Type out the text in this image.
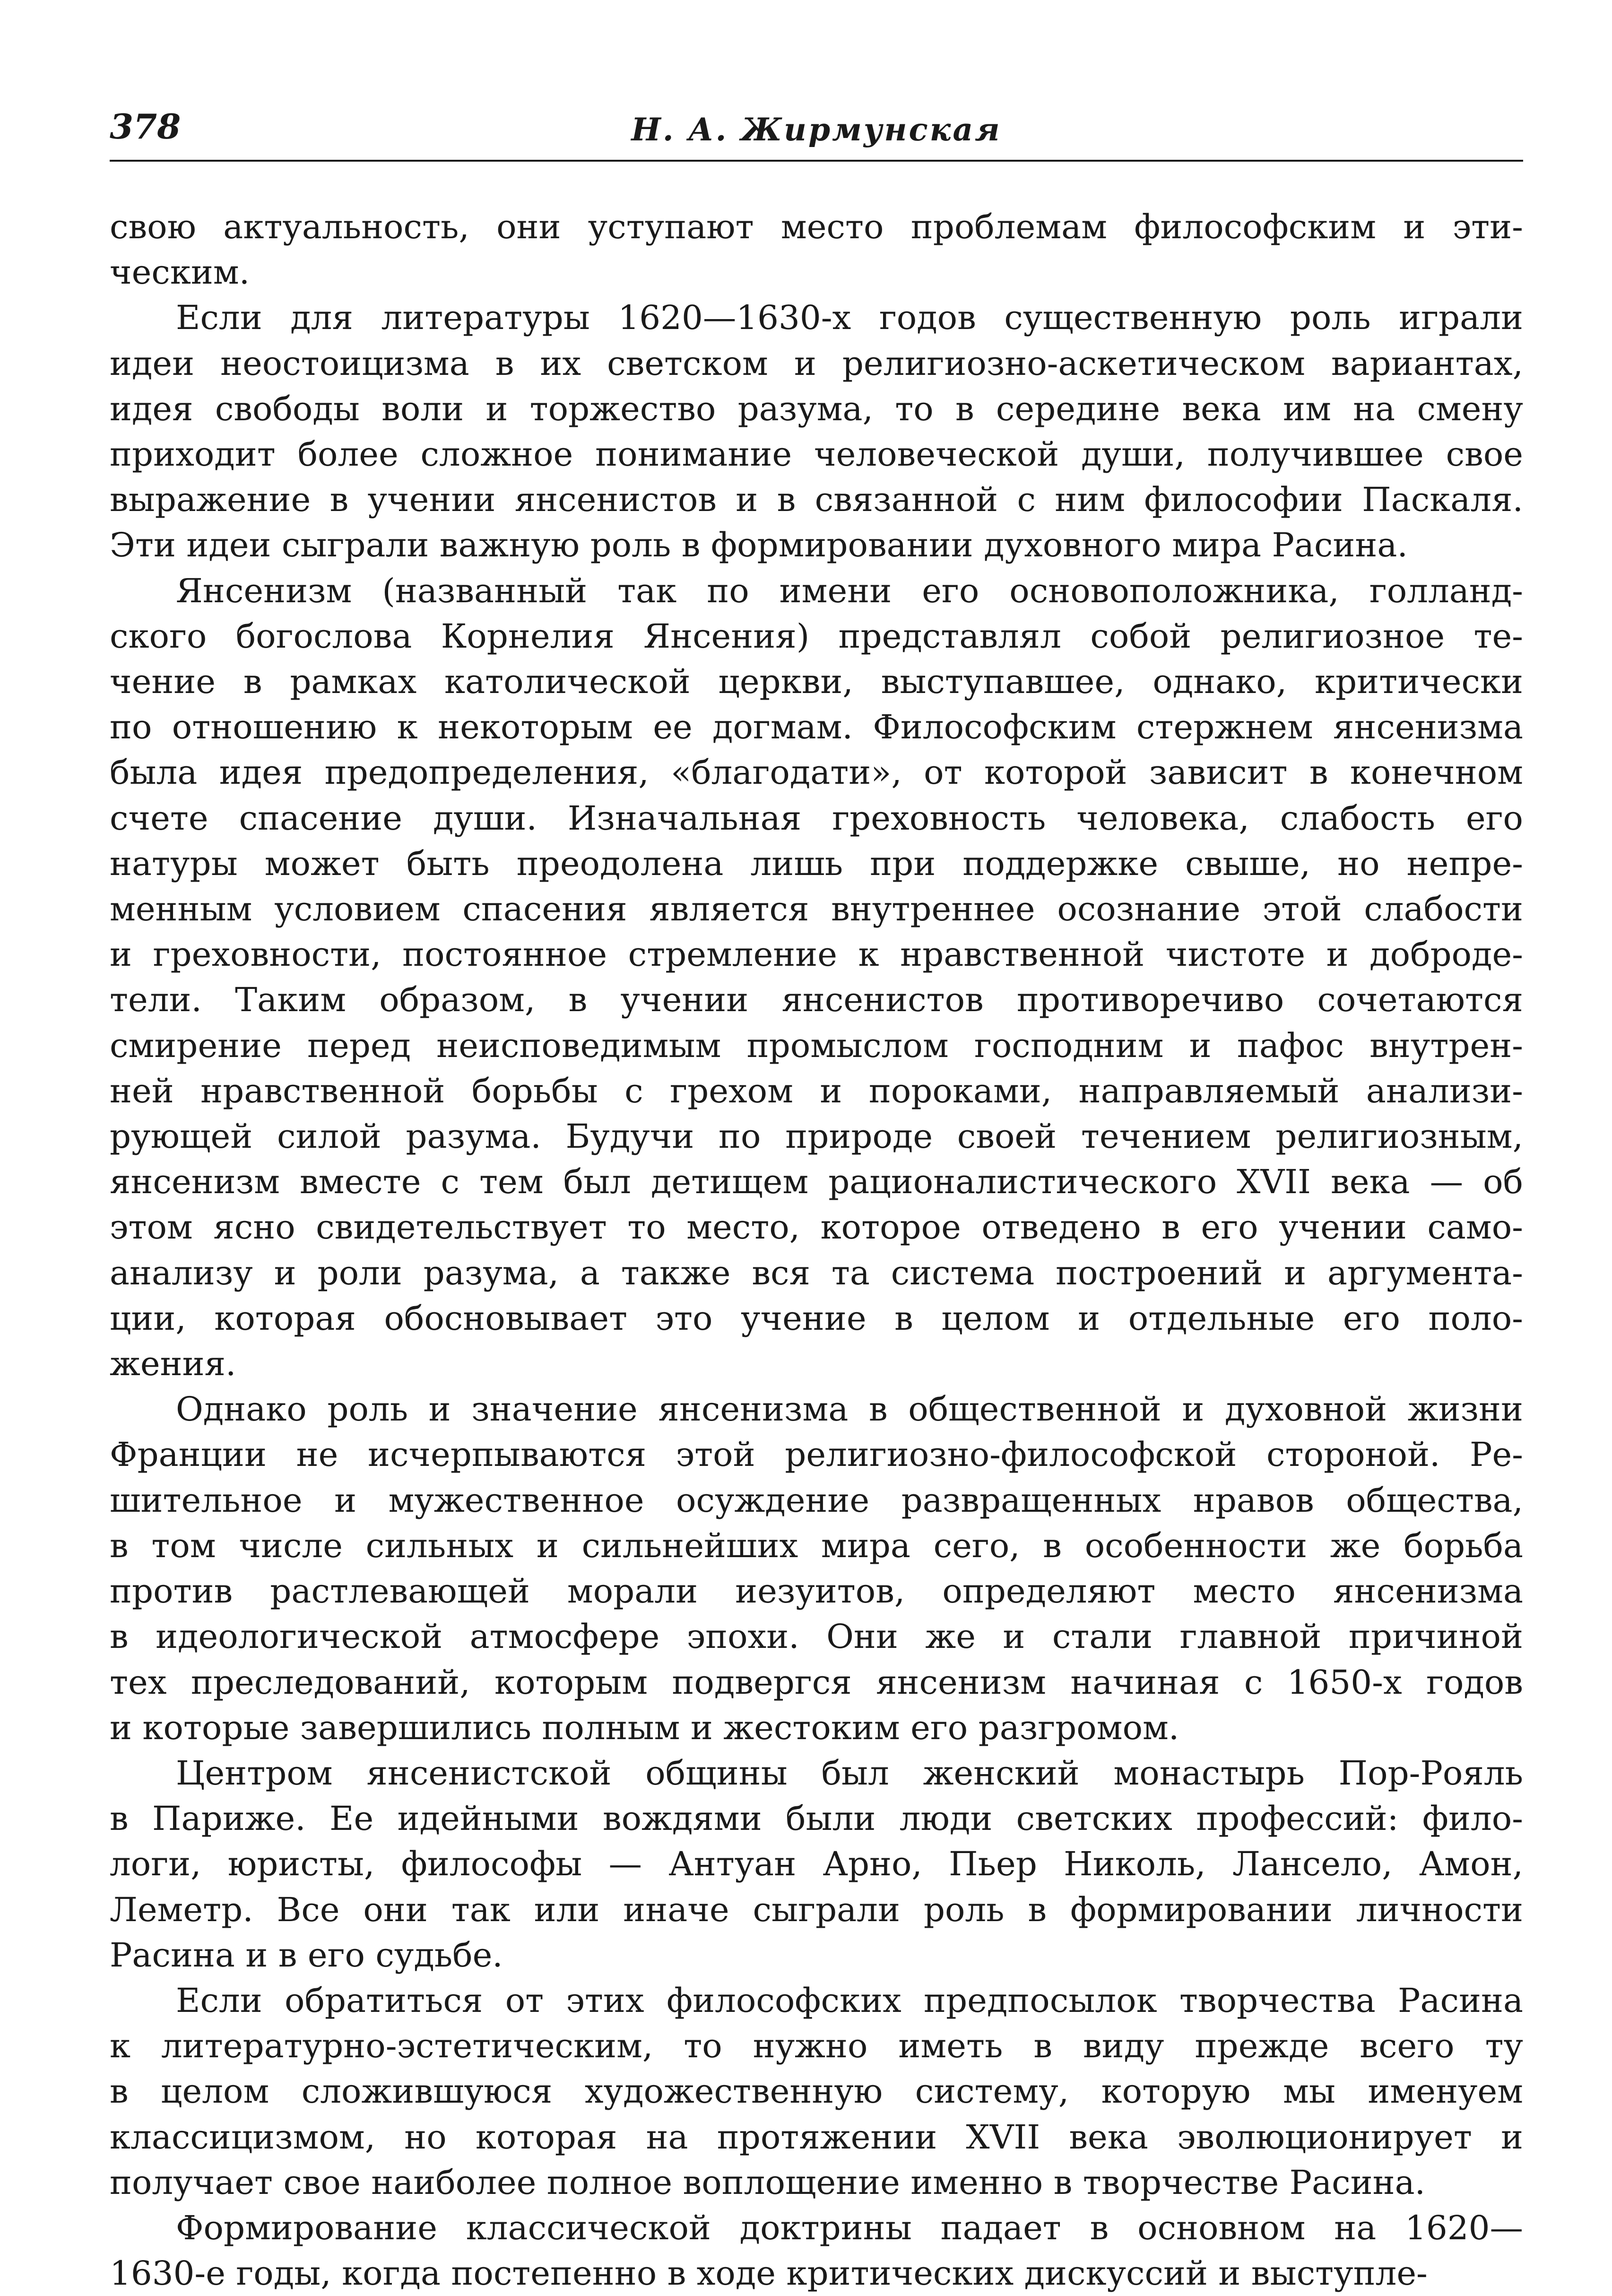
378	Н. А. Жирмунская
свою актуальность, они уступают место проблемам философским и эти-
ческим.
Если для литературы 1620—1630-х годов существенную роль играли
идеи неостоицизма в их светском и религиозно-аскетическом вариантах,
идея свободы воли и торжество разума, то в середине века им на смену
приходит более сложное понимание человеческой души, получившее свое
выражение в учении янсенистов и в связанной с ним философии Паскаля.
Эти идеи сыграли важную роль в формировании духовного мира Расина.
Янсенизм (названный так по имени его основоположника, голланд-
ского богослова Корнелия Янсения) представлял собой религиозное те-
чение в рамках католической церкви, выступавшее, однако, критически
по отношению к некоторым ее догмам. Философским стержнем янсенизма
была идея предопределения, «благодати», от которой зависит в конечном
счете спасение души. Изначальная греховность человека, слабость его
натуры может быть преодолена лишь при поддержке свыше, но непре-
менным условием спасения является внутреннее осознание этой слабости
и греховности, постоянное стремление к нравственной чистоте и доброде-
тели. Таким образом, в учении янсенистов противоречиво сочетаются
смирение перед неисповедимым промыслом господним и пафос внутрен-
ней нравственной борьбы с грехом и пороками, направляемый анализи-
рующей силой разума. Будучи по природе своей течением религиозным,
янсенизм вместе с тем был детищем рационалистического XVII века — об
этом ясно свидетельствует то место, которое отведено в его учении само-
анализу и роли разума, а также вся та система построений и аргумента-
ции, которая обосновывает это учение в целом и отдельные его поло-
жения.
Однако роль и значение янсенизма в общественной и духовной жизни
Франции не исчерпываются этой религиозно-философской стороной. Ре-
шительное и мужественное осуждение развращенных нравов общества,
в том числе сильных и сильнейших мира сего, в особенности же борьба
против растлевающей морали иезуитов, определяют место янсенизма
в идеологической атмосфере эпохи. Они же и стали главной причиной
тех преследований, которым подвергся янсенизм начиная с 1650-х годов
и которые завершились полным и жестоким его разгромом.
Центром янсенистской общины был женский монастырь Пор-Рояль
в Париже. Ее идейными вождями были люди светских профессий: фило-
логи, юристы, философы — Антуан Арно, Пьер Николь, Лансело, Амон,
Леметр. Все они так или иначе сыграли роль в формировании личности
Расина и в его судьбе.
Если обратиться от этих философских предпосылок творчества Расина
к литературно-эстетическим, то нужно иметь в виду прежде всего ту
в целом сложившуюся художественную систему, которую мы именуем
классицизмом, но которая на протяжении XVII века эволюционирует и
получает свое наиболее полное воплощение именно в творчестве Расина.
Формирование классической доктрины падает в основном на 1620—
1630-е годы, когда постепенно в ходе критических дискуссий и выступле-
